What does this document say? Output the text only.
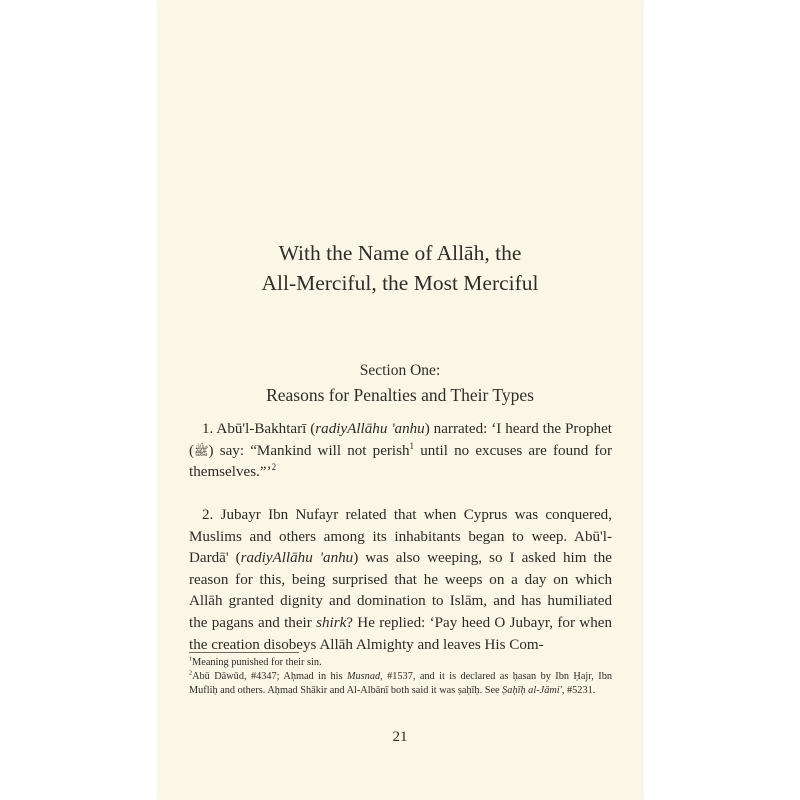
With the Name of Allāh, the
All-Merciful, the Most Merciful
Section One:
Reasons for Penalties and Their Types

1. Abū'l-Bakhtarī (radiyAllāhu 'anhu) narrated: ‘I heard the Prophet (ﷺ) say: “Mankind will not perish$^1$ until no excuses are found for themselves.”’$^2$

2. Jubayr Ibn Nufayr related that when Cyprus was conquered, Muslims and others among its inhabitants began to weep. Abū'l-Dardā' (radiyAllāhu 'anhu) was also weeping, so I asked him the reason for this, being surprised that he weeps on a day on which Allāh granted dignity and domination to Islām, and has humiliated the pagans and their shirk? He replied: ‘Pay heed O Jubayr, for when the creation disobeys Allāh Almighty and leaves His Com-

$^1$Meaning punished for their sin.

$^2$Abū Dāwūd, #4347; Aḥmad in his Musnad, #1537, and it is declared as ḥasan by Ibn Ḥajr, Ibn Mufliḥ and others. Aḥmad Shākir and Al-Albānī both said it was ṣaḥīḥ. See Ṣaḥīḥ al-Jāmi', #5231.

21
